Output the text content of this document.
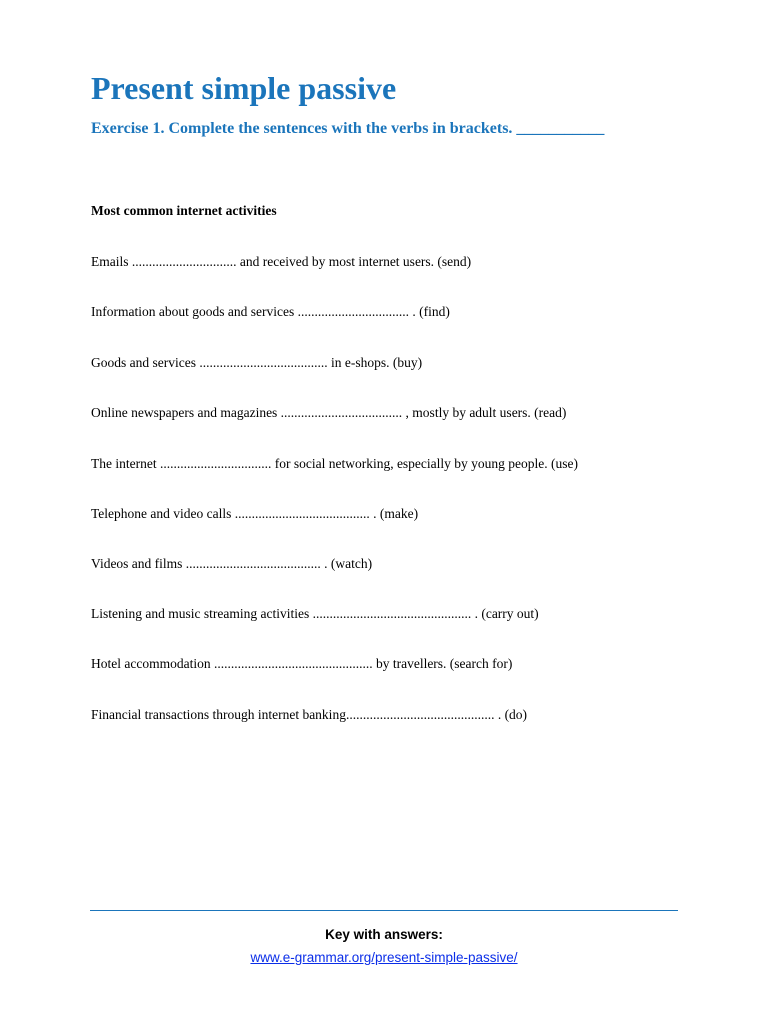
Present simple passive
Exercise 1. Complete the sentences with the verbs in brackets. ___________
Most common internet activities

Emails ............................... and received by most internet users. (send)

Information about goods and services ................................. . (find)

Goods and services ...................................... in e-shops. (buy)

Online newspapers and magazines .................................... , mostly by adult users. (read)

The internet ................................. for social networking, especially by young people. (use)

Telephone and video calls ........................................ . (make)

Videos and films ........................................ . (watch)

Listening and music streaming activities ............................................... . (carry out)

Hotel accommodation ............................................... by travellers. (search for)

Financial transactions through internet banking............................................ . (do)

Key with answers:
www.e-grammar.org/present-simple-passive/
